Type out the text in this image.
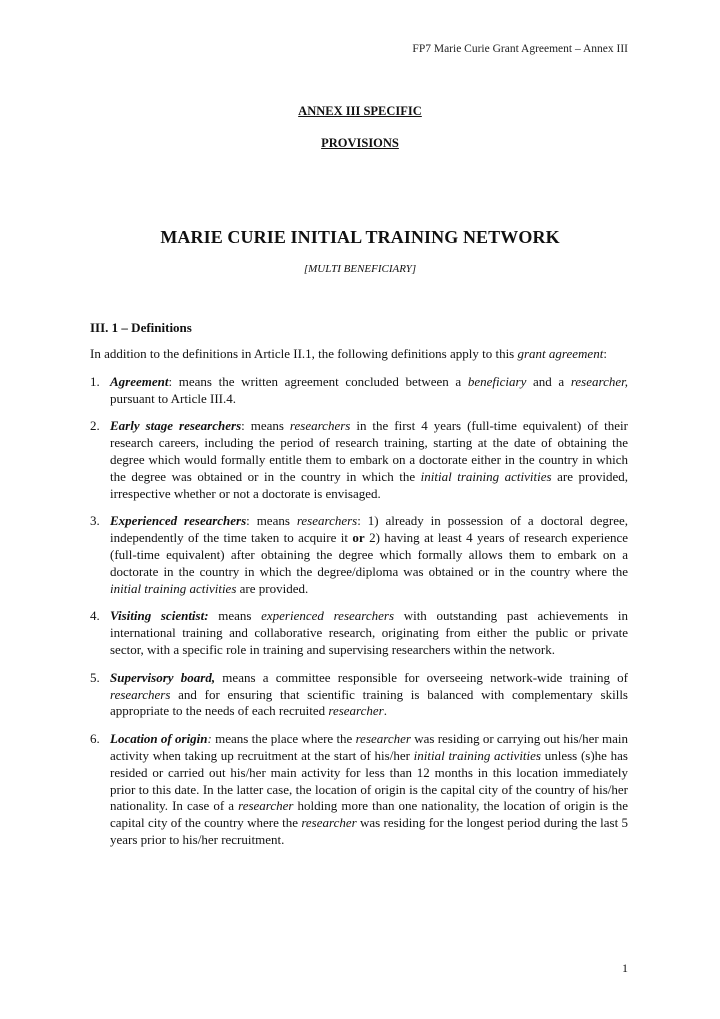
FP7 Marie Curie Grant Agreement – Annex III
ANNEX III SPECIFIC
PROVISIONS
MARIE CURIE INITIAL TRAINING NETWORK
[MULTI BENEFICIARY]
III. 1 – Definitions

In addition to the definitions in Article II.1, the following definitions apply to this grant agreement:

1. Agreement: means the written agreement concluded between a beneficiary and a researcher, pursuant to Article III.4.
2. Early stage researchers: means researchers in the first 4 years (full-time equivalent) of their research careers, including the period of research training, starting at the date of obtaining the degree which would formally entitle them to embark on a doctorate either in the country in which the degree was obtained or in the country in which the initial training activities are provided, irrespective whether or not a doctorate is envisaged.
3. Experienced researchers: means researchers: 1) already in possession of a doctoral degree, independently of the time taken to acquire it or 2) having at least 4 years of research experience (full-time equivalent) after obtaining the degree which formally allows them to embark on a doctorate in the country in which the degree/diploma was obtained or in the country where the initial training activities are provided.
4. Visiting scientist: means experienced researchers with outstanding past achievements in international training and collaborative research, originating from either the public or private sector, with a specific role in training and supervising researchers within the network.
5. Supervisory board, means a committee responsible for overseeing network-wide training of researchers and for ensuring that scientific training is balanced with complementary skills appropriate to the needs of each recruited researcher.
6. Location of origin: means the place where the researcher was residing or carrying out his/her main activity when taking up recruitment at the start of his/her initial training activities unless (s)he has resided or carried out his/her main activity for less than 12 months in this location immediately prior to this date. In the latter case, the location of origin is the capital city of the country of his/her nationality. In case of a researcher holding more than one nationality, the location of origin is the capital city of the country where the researcher was residing for the longest period during the last 5 years prior to his/her recruitment.
1
